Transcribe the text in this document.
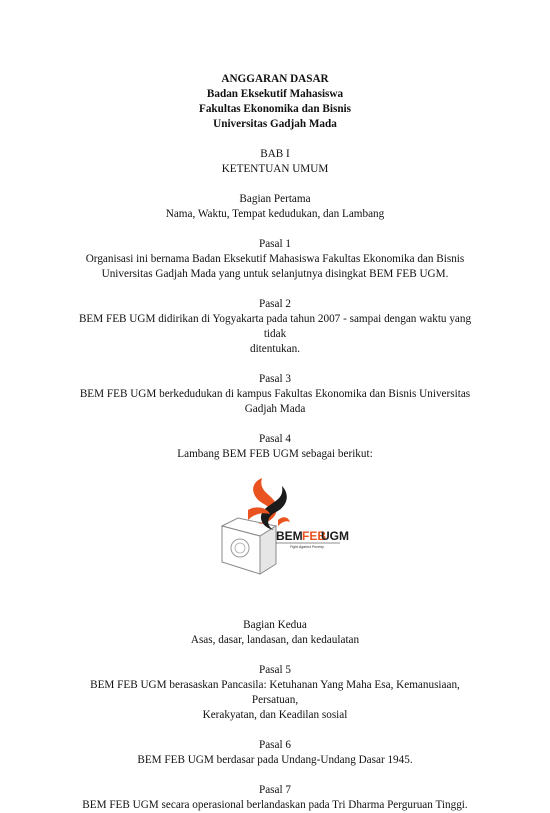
ANGGARAN DASAR

Badan Eksekutif Mahasiswa

Fakultas Ekonomika dan Bisnis

Universitas Gadjah Mada

BAB I

KETENTUAN UMUM

Bagian Pertama

Nama, Waktu, Tempat kedudukan, dan Lambang

Pasal 1

Organisasi ini bernama Badan Eksekutif Mahasiswa Fakultas Ekonomika dan Bisnis

Universitas Gadjah Mada yang untuk selanjutnya disingkat BEM FEB UGM.

Pasal 2

BEM FEB UGM didirikan di Yogyakarta pada tahun 2007 - sampai dengan waktu yang tidak

ditentukan.

Pasal 3

BEM FEB UGM berkedudukan di kampus Fakultas Ekonomika dan Bisnis Universitas

Gadjah Mada

Pasal 4

Lambang BEM FEB UGM sebagai berikut:

BEM FEB
UGM
Fight Against Poverty

Bagian Kedua

Asas, dasar, landasan, dan kedaulatan

Pasal 5

BEM FEB UGM berasaskan Pancasila: Ketuhanan Yang Maha Esa, Kemanusiaan, Persatuan,

Kerakyatan, dan Keadilan sosial

Pasal 6

BEM FEB UGM berdasar pada Undang-Undang Dasar 1945.

Pasal 7

BEM FEB UGM secara operasional berlandaskan pada Tri Dharma Perguruan Tinggi.
